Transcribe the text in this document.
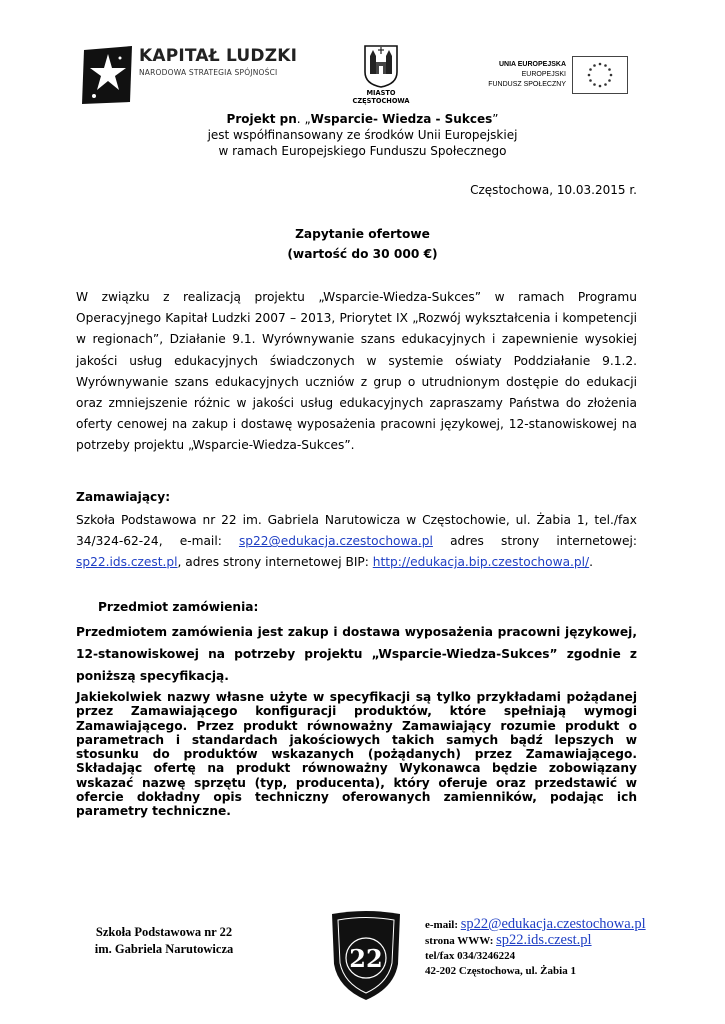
KAPITAŁ LUDZKI
NARODOWA STRATEGIA SPÓJNOŚCI
MIASTO
CZĘSTOCHOWA
UNIA EUROPEJSKA
EUROPEJSKI
FUNDUSZ SPOŁECZNY
Projekt pn. „Wsparcie- Wiedza - Sukces”
jest współfinansowany ze środków Unii Europejskiej
w ramach Europejskiego Funduszu Społecznego
Częstochowa, 10.03.2015 r.
Zapytanie ofertowe
(wartość do 30 000 €)
W związku z realizacją projektu „Wsparcie-Wiedza-Sukces” w ramach Programu Operacyjnego Kapitał Ludzki 2007 – 2013, Priorytet IX „Rozwój wykształcenia i kompetencji w regionach”, Działanie 9.1. Wyrównywanie szans edukacyjnych i zapewnienie wysokiej jakości usług edukacyjnych świadczonych w systemie oświaty Poddziałanie 9.1.2. Wyrównywanie szans edukacyjnych uczniów z grup o utrudnionym dostępie do edukacji oraz zmniejszenie różnic w jakości usług edukacyjnych zapraszamy Państwa do złożenia oferty cenowej na zakup i dostawę wyposażenia pracowni językowej, 12-stanowiskowej na potrzeby projektu „Wsparcie-Wiedza-Sukces”.
Zamawiający:
Szkoła Podstawowa nr 22 im. Gabriela Narutowicza w Częstochowie, ul. Żabia 1, tel./fax 34/324-62-24, e-mail: sp22@edukacja.czestochowa.pl adres strony internetowej: sp22.ids.czest.pl, adres strony internetowej BIP: http://edukacja.bip.czestochowa.pl/.
Przedmiot zamówienia:
Przedmiotem zamówienia jest zakup i dostawa wyposażenia pracowni językowej, 12-stanowiskowej na potrzeby projektu „Wsparcie-Wiedza-Sukces” zgodnie z poniższą specyfikacją.
Jakiekolwiek nazwy własne użyte w specyfikacji są tylko przykładami pożądanej przez Zamawiającego konfiguracji produktów, które spełniają wymogi Zamawiającego. Przez produkt równoważny Zamawiający rozumie produkt o parametrach i standardach jakościowych takich samych bądź lepszych w stosunku do produktów wskazanych (pożądanych) przez Zamawiającego. Składając ofertę na produkt równoważny Wykonawca będzie zobowiązany wskazać nazwę sprzętu (typ, producenta), który oferuje oraz przedstawić w ofercie dokładny opis techniczny oferowanych zamienników, podając ich parametry techniczne.
Szkoła Podstawowa nr 22
im. Gabriela Narutowicza	22
e-mail: sp22@edukacja.czestochowa.pl
strona WWW: sp22.ids.czest.pl
tel/fax 034/3246224
42-202 Częstochowa, ul. Żabia 1
